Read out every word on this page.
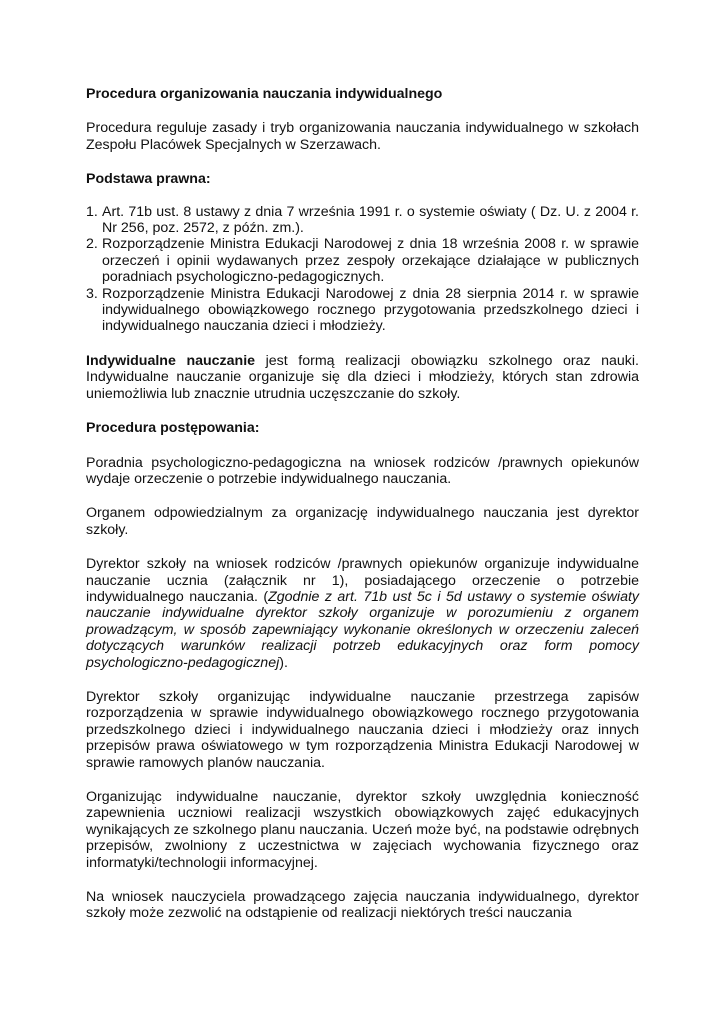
Procedura organizowania nauczania indywidualnego

Procedura reguluje zasady i tryb organizowania nauczania indywidualnego w szkołach Zespołu Placówek Specjalnych w Szerzawach.

Podstawa prawna:

1. Art. 71b ust. 8 ustawy z dnia 7 września 1991 r. o systemie oświaty ( Dz. U. z 2004 r. Nr 256, poz. 2572, z późn. zm.).
2. Rozporządzenie Ministra Edukacji Narodowej z dnia 18 września 2008 r. w sprawie orzeczeń i opinii wydawanych przez zespoły orzekające działające w publicznych poradniach psychologiczno-pedagogicznych.
3. Rozporządzenie Ministra Edukacji Narodowej z dnia 28 sierpnia 2014 r. w sprawie indywidualnego obowiązkowego rocznego przygotowania przedszkolnego dzieci i indywidualnego nauczania dzieci i młodzieży.

Indywidualne nauczanie jest formą realizacji obowiązku szkolnego oraz nauki. Indywidualne nauczanie organizuje się dla dzieci i młodzieży, których stan zdrowia uniemożliwia lub znacznie utrudnia uczęszczanie do szkoły.

Procedura postępowania:

Poradnia psychologiczno-pedagogiczna na wniosek rodziców /prawnych opiekunów wydaje orzeczenie o potrzebie indywidualnego nauczania.

Organem odpowiedzialnym za organizację indywidualnego nauczania jest dyrektor szkoły.

Dyrektor szkoły na wniosek rodziców /prawnych opiekunów organizuje indywidualne nauczanie ucznia (załącznik nr 1), posiadającego orzeczenie o potrzebie indywidualnego nauczania. (Zgodnie z art. 71b ust 5c i 5d ustawy o systemie oświaty nauczanie indywidualne dyrektor szkoły organizuje w porozumieniu z organem prowadzącym, w sposób zapewniający wykonanie określonych w orzeczeniu zaleceń dotyczących warunków realizacji potrzeb edukacyjnych oraz form pomocy psychologiczno-pedagogicznej).

Dyrektor szkoły organizując indywidualne nauczanie przestrzega zapisów rozporządzenia w sprawie indywidualnego obowiązkowego rocznego przygotowania przedszkolnego dzieci i indywidualnego nauczania dzieci i młodzieży oraz innych przepisów prawa oświatowego w tym rozporządzenia Ministra Edukacji Narodowej w sprawie ramowych planów nauczania.

Organizując indywidualne nauczanie, dyrektor szkoły uwzględnia konieczność zapewnienia uczniowi realizacji wszystkich obowiązkowych zajęć edukacyjnych wynikających ze szkolnego planu nauczania. Uczeń może być, na podstawie odrębnych przepisów, zwolniony z uczestnictwa w zajęciach wychowania fizycznego oraz informatyki/technologii informacyjnej.

Na wniosek nauczyciela prowadzącego zajęcia nauczania indywidualnego, dyrektor szkoły może zezwolić na odstąpienie od realizacji niektórych treści nauczania
